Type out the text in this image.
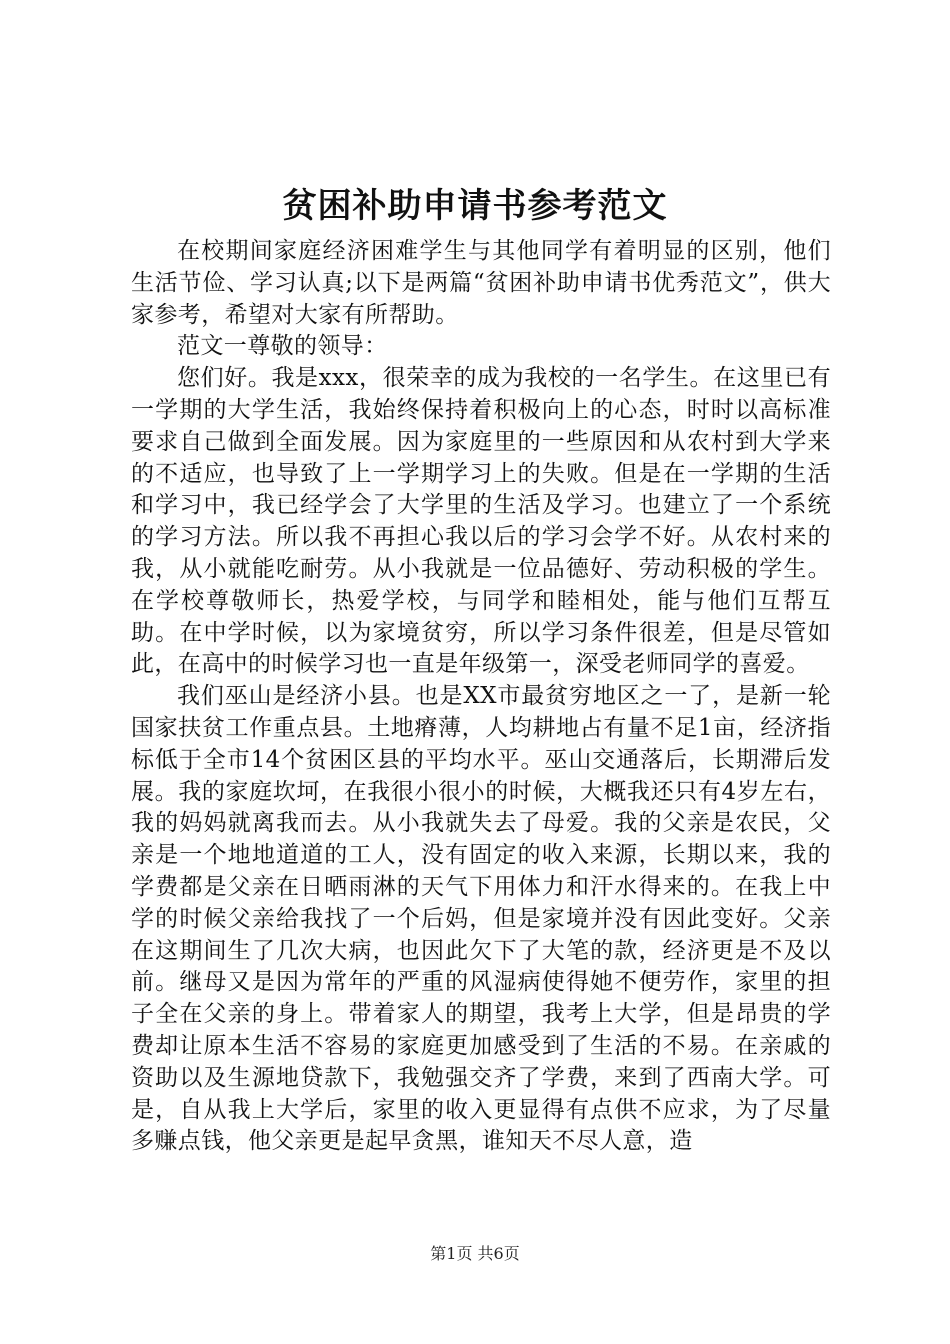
贫困补助申请书参考范文

在校期间家庭经济困难学生与其他同学有着明显的区别，他们生活节俭、学习认真;以下是两篇“贫困补助申请书优秀范文”，供大家参考，希望对大家有所帮助。

范文一尊敬的领导：

您们好。我是xxx，很荣幸的成为我校的一名学生。在这里已有一学期的大学生活，我始终保持着积极向上的心态，时时以高标准要求自己做到全面发展。因为家庭里的一些原因和从农村到大学来的不适应，也导致了上一学期学习上的失败。但是在一学期的生活和学习中，我已经学会了大学里的生活及学习。也建立了一个系统的学习方法。所以我不再担心我以后的学习会学不好。从农村来的我，从小就能吃耐劳。从小我就是一位品德好、劳动积极的学生。在学校尊敬师长，热爱学校，与同学和睦相处，能与他们互帮互助。在中学时候，以为家境贫穷，所以学习条件很差，但是尽管如此，在高中的时候学习也一直是年级第一，深受老师同学的喜爱。

我们巫山是经济小县。也是XX市最贫穷地区之一了，是新一轮国家扶贫工作重点县。土地瘠薄，人均耕地占有量不足1亩，经济指标低于全市14个贫困区县的平均水平。巫山交通落后，长期滞后发展。我的家庭坎坷，在我很小很小的时候，大概我还只有4岁左右，我的妈妈就离我而去。从小我就失去了母爱。我的父亲是农民，父亲是一个地地道道的工人，没有固定的收入来源，长期以来，我的学费都是父亲在日晒雨淋的天气下用体力和汗水得来的。在我上中学的时候父亲给我找了一个后妈，但是家境并没有因此变好。父亲在这期间生了几次大病，也因此欠下了大笔的款，经济更是不及以前。继母又是因为常年的严重的风湿病使得她不便劳作，家里的担子全在父亲的身上。带着家人的期望，我考上大学，但是昂贵的学费却让原本生活不容易的家庭更加感受到了生活的不易。在亲戚的资助以及生源地贷款下，我勉强交齐了学费，来到了西南大学。可是，自从我上大学后，家里的收入更显得有点供不应求，为了尽量多赚点钱，他父亲更是起早贪黑，谁知天不尽人意，造

第1页 共6页
